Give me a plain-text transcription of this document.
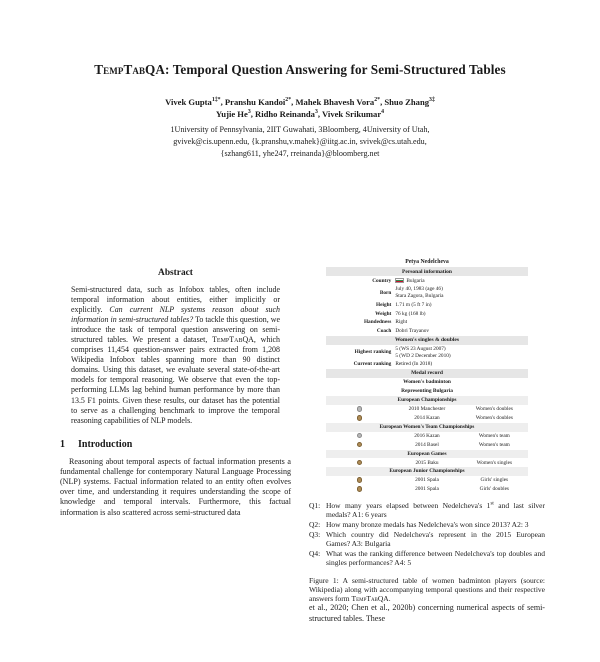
TempTabQA: Temporal Question Answering for Semi-Structured Tables
Vivek Gupta$^{1\ddagger*}$, Pranshu Kandoi$^{2*}$, Mahek Bhavesh Vora$^{2*}$, Shuo Zhang$^{3\ddagger}$
Yujie He$^3$, Ridho Reinanda$^3$, Vivek Srikumar$^4$
1University of Pennsylvania, 2IIT Guwahati, 3Bloomberg, 4University of Utah,
gvivek@cis.upenn.edu, {k.pranshu,v.mahek}@iitg.ac.in, svivek@cs.utah.edu,
{szhang611, yhe247, rreinanda}@bloomberg.net
Abstract

Semi-structured data, such as Infobox tables, often include temporal information about entities, either implicitly or explicitly. Can current NLP systems reason about such information in semi-structured tables? To tackle this question, we introduce the task of temporal question answering on semi-structured tables. We present a dataset, TempTabQA, which comprises 11,454 question-answer pairs extracted from 1,208 Wikipedia Infobox tables spanning more than 90 distinct domains. Using this dataset, we evaluate several state-of-the-art models for temporal reasoning. We observe that even the top-performing LLMs lag behind human performance by more than 13.5 F1 points. Given these results, our dataset has the potential to serve as a challenging benchmark to improve the temporal reasoning capabilities of NLP models.

1 Introduction

Reasoning about temporal aspects of factual information presents a fundamental challenge for contemporary Natural Language Processing (NLP) systems. Factual information related to an entity often evolves over time, and understanding it requires understanding the scope of knowledge and temporal intervals. Furthermore, this factual information is also scattered across semi-structured data

Petya Nedelcheva		
Personal information		
Country	Bulgaria	
Born	July 40, 1983 (age 46)
Stara Zagora, Bulgaria	

Height	1.71 m (5 ft 7 in)	
Weight	76 kg (168 lb)	
Handedness	Right	
Coach	Dobri Trayanov	
Women's singles & doubles		
Highest ranking	5 (WS 23 August 2007)
5 (WD 2 December 2010)	

Current ranking	Retired (In 2018)	
Medal record		
Women's badminton		
Representing Bulgaria		
European Championships		
	2010 Manchester	Women's doubles
	2014 Kazan	Women's doubles
European Women's Team Championships		
	2016 Kazan	Women's team
	2014 Basel	Women's team
European Games		
	2015 Baku	Women's singles
European Junior Championships		
	2001 Spala	Girls' singles
	2001 Spala	Girls' doubles
Q1: How many years elapsed between Nedelcheva's 1st and last silver medals? A1: 6 years
Q2: How many bronze medals has Nedelcheva's won since 2013? A2: 3
Q3: Which country did Nedelcheva's represent in the 2015 European Games? A3: Bulgaria
Q4: What was the ranking difference between Nedelcheva's top doubles and singles performances? A4: 5
Figure 1: A semi-structured table of women badminton players (source: Wikipedia) along with accompanying temporal questions and their respective answers form TempTabQA.

et al., 2020; Chen et al., 2020b) concerning numerical aspects of semi-structured tables. These
